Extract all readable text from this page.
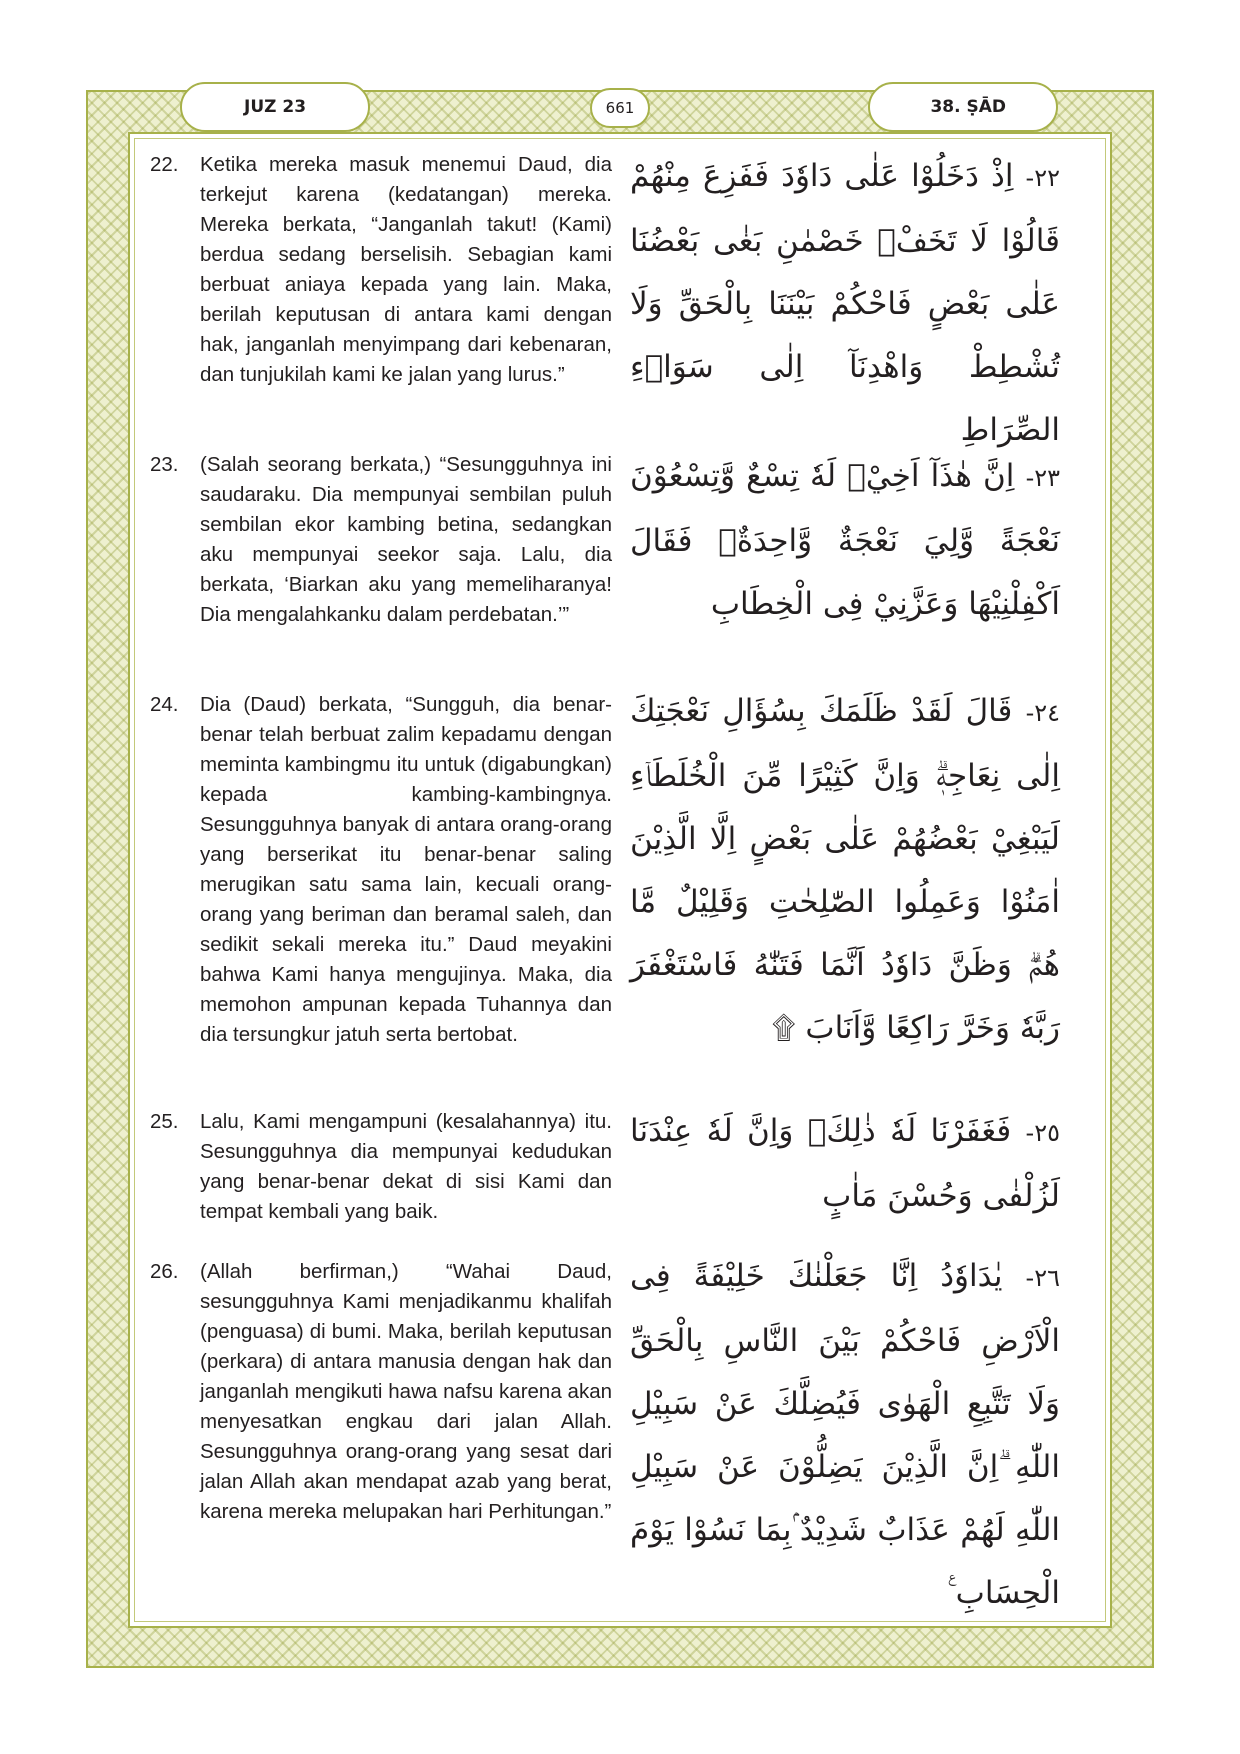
JUZ 23	661	38. ṢĀD
22.	Ketika mereka masuk menemui Daud, dia terkejut karena (kedatangan) mereka. Mereka berkata, “Janganlah takut! (Kami) berdua sedang berselisih. Sebagian kami berbuat aniaya kepada yang lain. Maka, berilah keputusan di antara kami dengan hak, janganlah menyimpang dari kebenaran, dan tunjukilah kami ke jalan yang lurus.”
٢٢- اِذْ دَخَلُوْا عَلٰى دَاوٗدَ فَفَزِعَ مِنْهُمْ قَالُوْا لَا تَخَفْۚ خَصْمٰنِ بَغٰى بَعْضُنَا عَلٰى بَعْضٍ فَاحْكُمْ بَيْنَنَا بِالْحَقِّ وَلَا تُشْطِطْ وَاهْدِنَآ اِلٰى سَوَاۤءِ الصِّرَاطِ
23.	(Salah seorang berkata,) “Sesungguhnya ini saudaraku. Dia mempunyai sembilan puluh sembilan ekor kambing betina, sedangkan aku mempunyai seekor saja. Lalu, dia berkata, ‘Biarkan aku yang memeliharanya! Dia mengalahkanku dalam perdebatan.’”
٢٣- اِنَّ هٰذَآ اَخِيْۗ لَهٗ تِسْعٌ وَّتِسْعُوْنَ نَعْجَةً وَّلِيَ نَعْجَةٌ وَّاحِدَةٌۗ فَقَالَ اَكْفِلْنِيْهَا وَعَزَّنِيْ فِى الْخِطَابِ
24.	Dia (Daud) berkata, “Sungguh, dia benar-benar telah berbuat zalim kepadamu dengan meminta kambingmu itu untuk (digabungkan) kepada kambing-kambingnya. Sesungguhnya banyak di antara orang-orang yang berserikat itu benar-benar saling merugikan satu sama lain, kecuali orang-orang yang beriman dan beramal saleh, dan sedikit sekali mereka itu.” Daud meyakini bahwa Kami hanya mengujinya. Maka, dia memohon ampunan kepada Tuhannya dan dia tersungkur jatuh serta bertobat.
٢٤- قَالَ لَقَدْ ظَلَمَكَ بِسُؤَالِ نَعْجَتِكَ اِلٰى نِعَاجِهٖۗ وَاِنَّ كَثِيْرًا مِّنَ الْخُلَطَاۤءِ لَيَبْغِيْ بَعْضُهُمْ عَلٰى بَعْضٍ اِلَّا الَّذِيْنَ اٰمَنُوْا وَعَمِلُوا الصّٰلِحٰتِ وَقَلِيْلٌ مَّا هُمْۗ وَظَنَّ دَاوٗدُ اَنَّمَا فَتَنّٰهُ فَاسْتَغْفَرَ رَبَّهٗ وَخَرَّ رَاكِعًا وَّاَنَابَ ۩
25.	Lalu, Kami mengampuni (kesalahannya) itu. Sesungguhnya dia mempunyai kedudukan yang benar-benar dekat di sisi Kami dan tempat kembali yang baik.
٢٥- فَغَفَرْنَا لَهٗ ذٰلِكَۗ وَاِنَّ لَهٗ عِنْدَنَا لَزُلْفٰى وَحُسْنَ مَاٰبٍ
26.	(Allah berfirman,) “Wahai Daud, sesungguhnya Kami menjadikanmu khalifah (penguasa) di bumi. Maka, berilah keputusan (perkara) di antara manusia dengan hak dan janganlah mengikuti hawa nafsu karena akan menyesatkan engkau dari jalan Allah. Sesungguhnya orang-orang yang sesat dari jalan Allah akan mendapat azab yang berat, karena mereka melupakan hari Perhitungan.”
٢٦- يٰدَاوٗدُ اِنَّا جَعَلْنٰكَ خَلِيْفَةً فِى الْاَرْضِ فَاحْكُمْ بَيْنَ النَّاسِ بِالْحَقِّ وَلَا تَتَّبِعِ الْهَوٰى فَيُضِلَّكَ عَنْ سَبِيْلِ اللّٰهِ ۗاِنَّ الَّذِيْنَ يَضِلُّوْنَ عَنْ سَبِيْلِ اللّٰهِ لَهُمْ عَذَابٌ شَدِيْدٌ ۢبِمَا نَسُوْا يَوْمَ الْحِسَابِ ࣖ
